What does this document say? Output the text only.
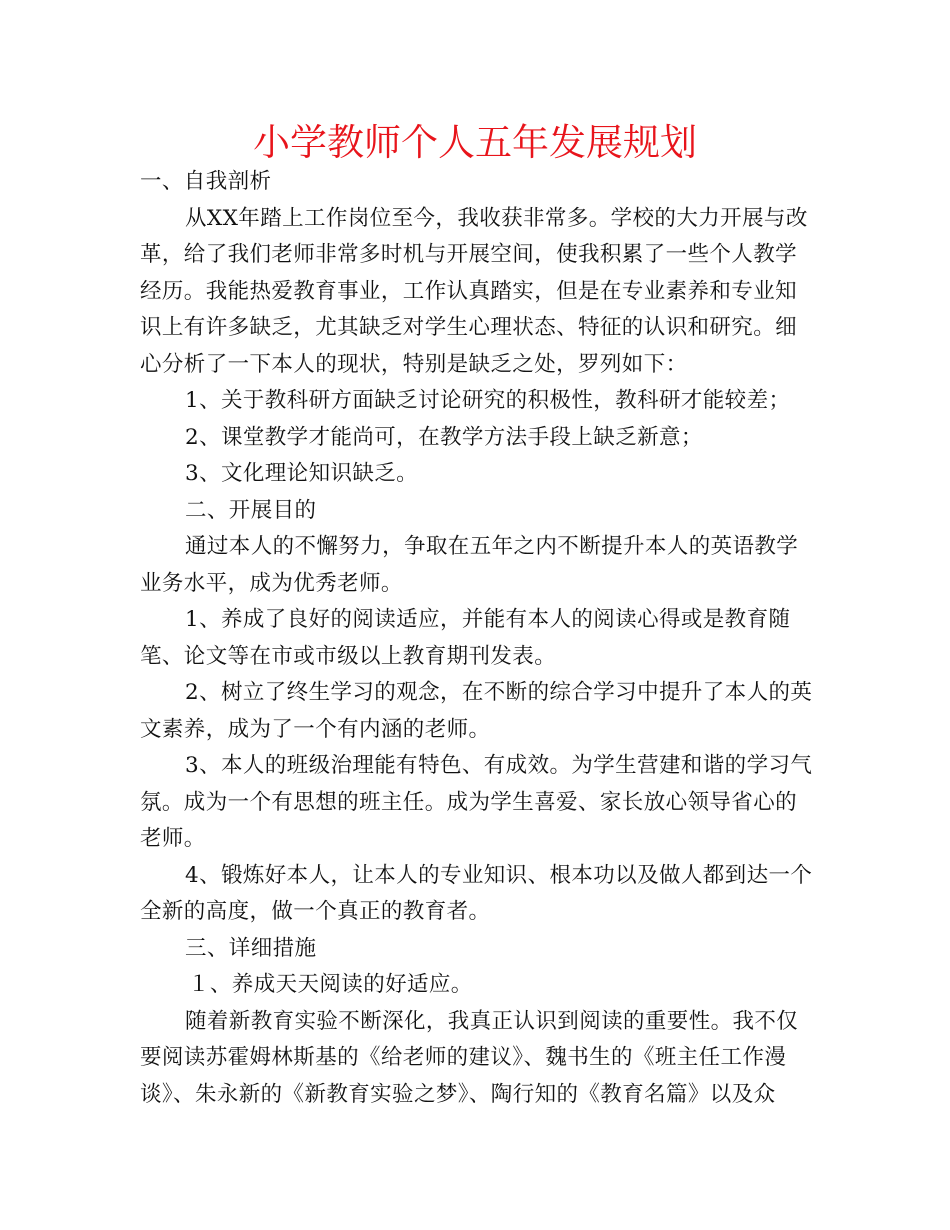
小学教师个人五年发展规划

一、自我剖析

从XX年踏上工作岗位至今，我收获非常多。学校的大力开展与改革，给了我们老师非常多时机与开展空间，使我积累了一些个人教学经历。我能热爱教育事业，工作认真踏实，但是在专业素养和专业知识上有许多缺乏，尤其缺乏对学生心理状态、特征的认识和研究。细心分析了一下本人的现状，特别是缺乏之处，罗列如下：

1、关于教科研方面缺乏讨论研究的积极性，教科研才能较差；

2、课堂教学才能尚可，在教学方法手段上缺乏新意；

3、文化理论知识缺乏。

二、开展目的

通过本人的不懈努力，争取在五年之内不断提升本人的英语教学业务水平，成为优秀老师。

1、养成了良好的阅读适应，并能有本人的阅读心得或是教育随笔、论文等在市或市级以上教育期刊发表。

2、树立了终生学习的观念，在不断的综合学习中提升了本人的英文素养，成为了一个有内涵的老师。

3、本人的班级治理能有特色、有成效。为学生营建和谐的学习气氛。成为一个有思想的班主任。成为学生喜爱、家长放心领导省心的老师。

4、锻炼好本人，让本人的专业知识、根本功以及做人都到达一个全新的高度，做一个真正的教育者。

三、详细措施

１、养成天天阅读的好适应。

随着新教育实验不断深化，我真正认识到阅读的重要性。我不仅要阅读苏霍姆林斯基的《给老师的建议》、魏书生的《班主任工作漫谈》、朱永新的《新教育实验之梦》、陶行知的《教育名篇》以及众
